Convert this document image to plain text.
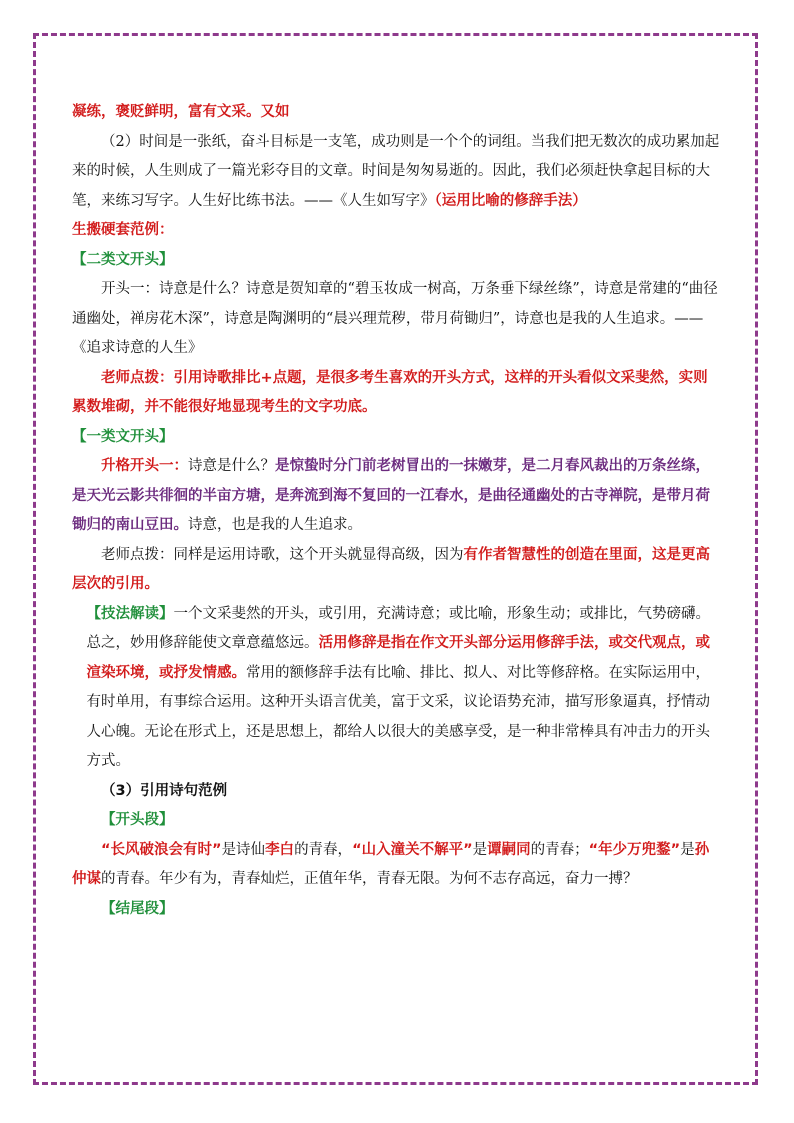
凝练，褒贬鲜明，富有文采。又如

（2）时间是一张纸，奋斗目标是一支笔，成功则是一个个的词组。当我们把无数次的成功累加起来的时候，人生则成了一篇光彩夺目的文章。时间是匆匆易逝的。因此，我们必须赶快拿起目标的大笔，来练习写字。人生好比练书法。——《人生如写字》（运用比喻的修辞手法）

生搬硬套范例：

【二类文开头】

开头一：诗意是什么？诗意是贺知章的“碧玉妆成一树高，万条垂下绿丝绦”，诗意是常建的“曲径通幽处，禅房花木深”，诗意是陶渊明的“晨兴理荒秽，带月荷锄归”，诗意也是我的人生追求。——《追求诗意的人生》

老师点拨：引用诗歌排比+点题，是很多考生喜欢的开头方式，这样的开头看似文采斐然，实则累数堆砌，并不能很好地显现考生的文字功底。

【一类文开头】

升格开头一：诗意是什么？是惊蛰时分门前老树冒出的一抹嫩芽，是二月春风裁出的万条丝绦，是天光云影共徘徊的半亩方塘，是奔流到海不复回的一江春水，是曲径通幽处的古寺禅院，是带月荷锄归的南山豆田。诗意，也是我的人生追求。

老师点拨：同样是运用诗歌，这个开头就显得高级，因为有作者智慧性的创造在里面，这是更高层次的引用。

【技法解读】一个文采斐然的开头，或引用，充满诗意；或比喻，形象生动；或排比，气势磅礴。总之，妙用修辞能使文章意蕴悠远。活用修辞是指在作文开头部分运用修辞手法，或交代观点，或渲染环境，或抒发情感。常用的额修辞手法有比喻、排比、拟人、对比等修辞格。在实际运用中，有时单用，有事综合运用。这种开头语言优美，富于文采，议论语势充沛，描写形象逼真，抒情动人心魄。无论在形式上，还是思想上，都给人以很大的美感享受，是一种非常棒具有冲击力的开头方式。

（3）引用诗句范例

【开头段】

“长风破浪会有时”是诗仙李白的青春，“山入潼关不解平”是谭嗣同的青春；“年少万兜鍪”是孙仲谋的青春。年少有为，青春灿烂，正值年华，青春无限。为何不志存高远，奋力一搏？

【结尾段】
